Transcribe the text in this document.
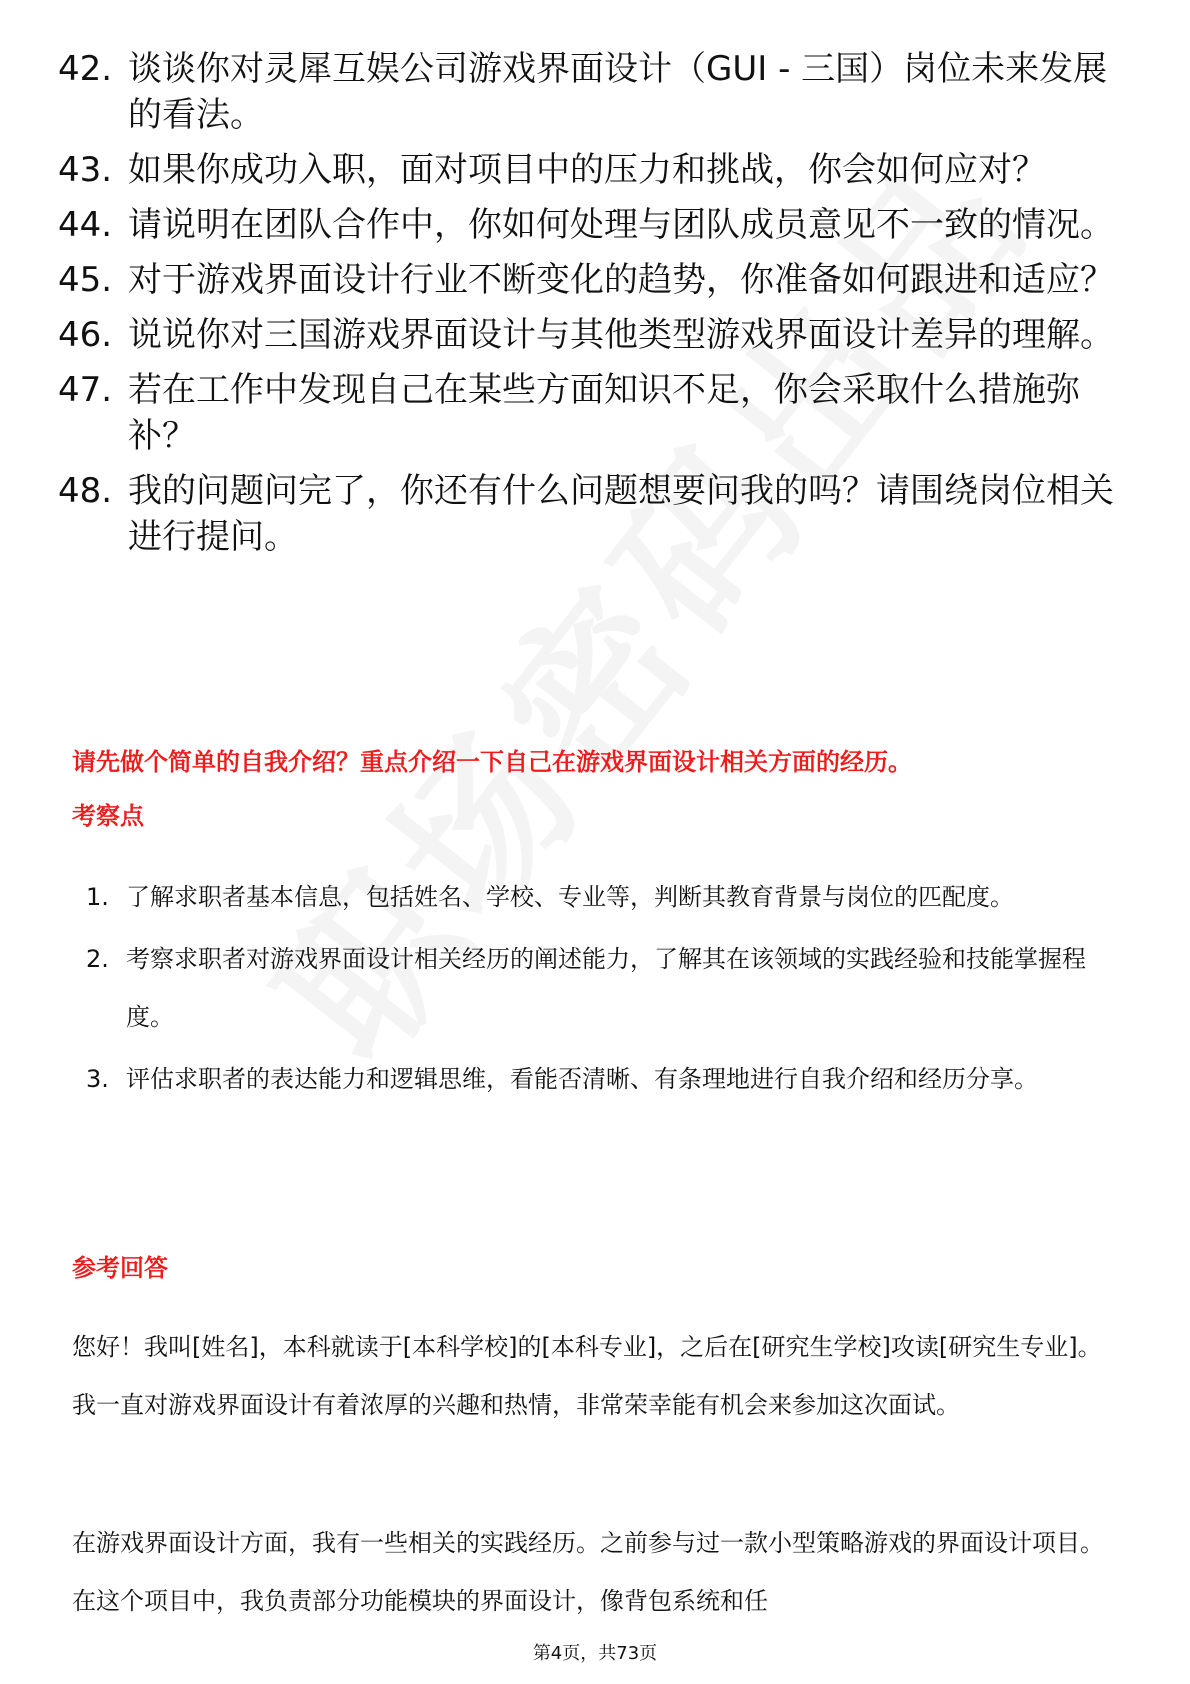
42. 谈谈你对灵犀互娱公司游戏界面设计（GUI - 三国）岗位未来发展的看法。
43. 如果你成功入职，面对项目中的压力和挑战，你会如何应对？
44. 请说明在团队合作中，你如何处理与团队成员意见不一致的情况。
45. 对于游戏界面设计行业不断变化的趋势，你准备如何跟进和适应？
46. 说说你对三国游戏界面设计与其他类型游戏界面设计差异的理解。
47. 若在工作中发现自己在某些方面知识不足，你会采取什么措施弥补？
48. 我的问题问完了，你还有什么问题想要问我的吗？请围绕岗位相关进行提问。
请先做个简单的自我介绍？重点介绍一下自己在游戏界面设计相关方面的经历。
考察点
1. 了解求职者基本信息，包括姓名、学校、专业等，判断其教育背景与岗位的匹配度。
2. 考察求职者对游戏界面设计相关经历的阐述能力，了解其在该领域的实践经验和技能掌握程度。
3. 评估求职者的表达能力和逻辑思维，看能否清晰、有条理地进行自我介绍和经历分享。
参考回答
您好！我叫[姓名]，本科就读于[本科学校]的[本科专业]，之后在[研究生学校]攻读[研究生专业]。我一直对游戏界面设计有着浓厚的兴趣和热情，非常荣幸能有机会来参加这次面试。
在游戏界面设计方面，我有一些相关的实践经历。之前参与过一款小型策略游戏的界面设计项目。在这个项目中，我负责部分功能模块的界面设计，像背包系统和任
第4页，共73页
